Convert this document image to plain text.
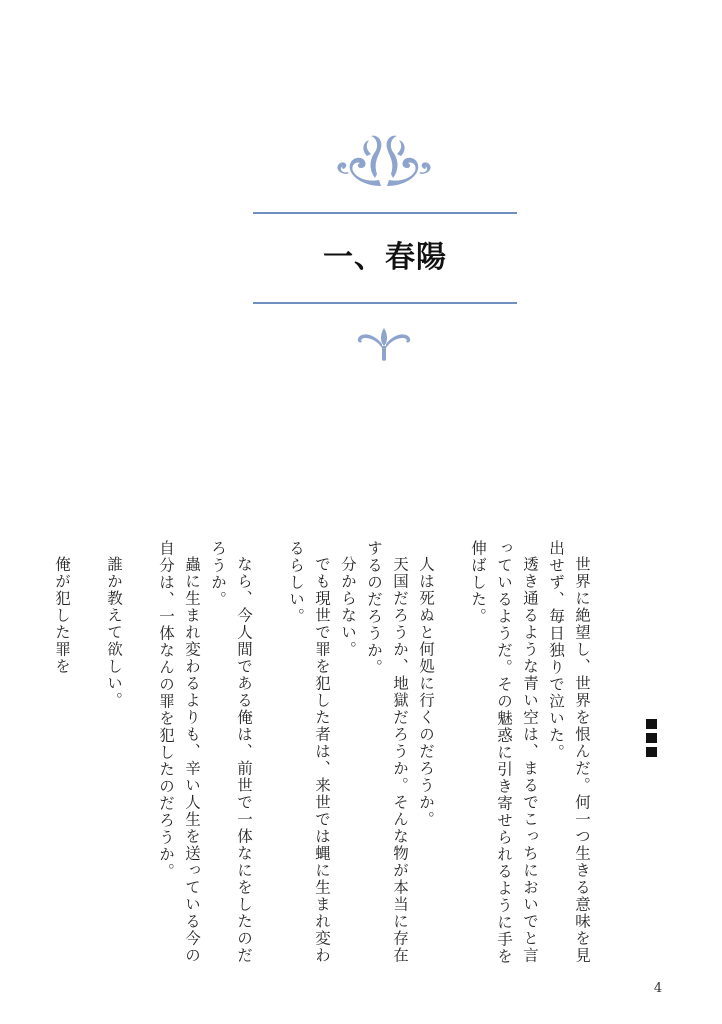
一、春陽

世界に絶望し、世界を恨んだ。何一つ生きる意味を見出せず、毎日独りで泣いた。

透き通るような青い空は、まるでこっちにおいでと言っているようだ。その魅惑に引き寄せられるように手を伸ばした。

人は死ぬと何処に行くのだろうか。

天国だろうか、地獄だろうか。そんな物が本当に存在するのだろうか。

分からない。

でも現世で罪を犯した者は、来世では蝿に生まれ変わるらしい。

なら、今人間である俺は、前世で一体なにをしたのだろうか。

蟲に生まれ変わるよりも、辛い人生を送っている今の自分は、一体なんの罪を犯したのだろうか。

誰か教えて欲しい。

俺が犯した罪を

4
